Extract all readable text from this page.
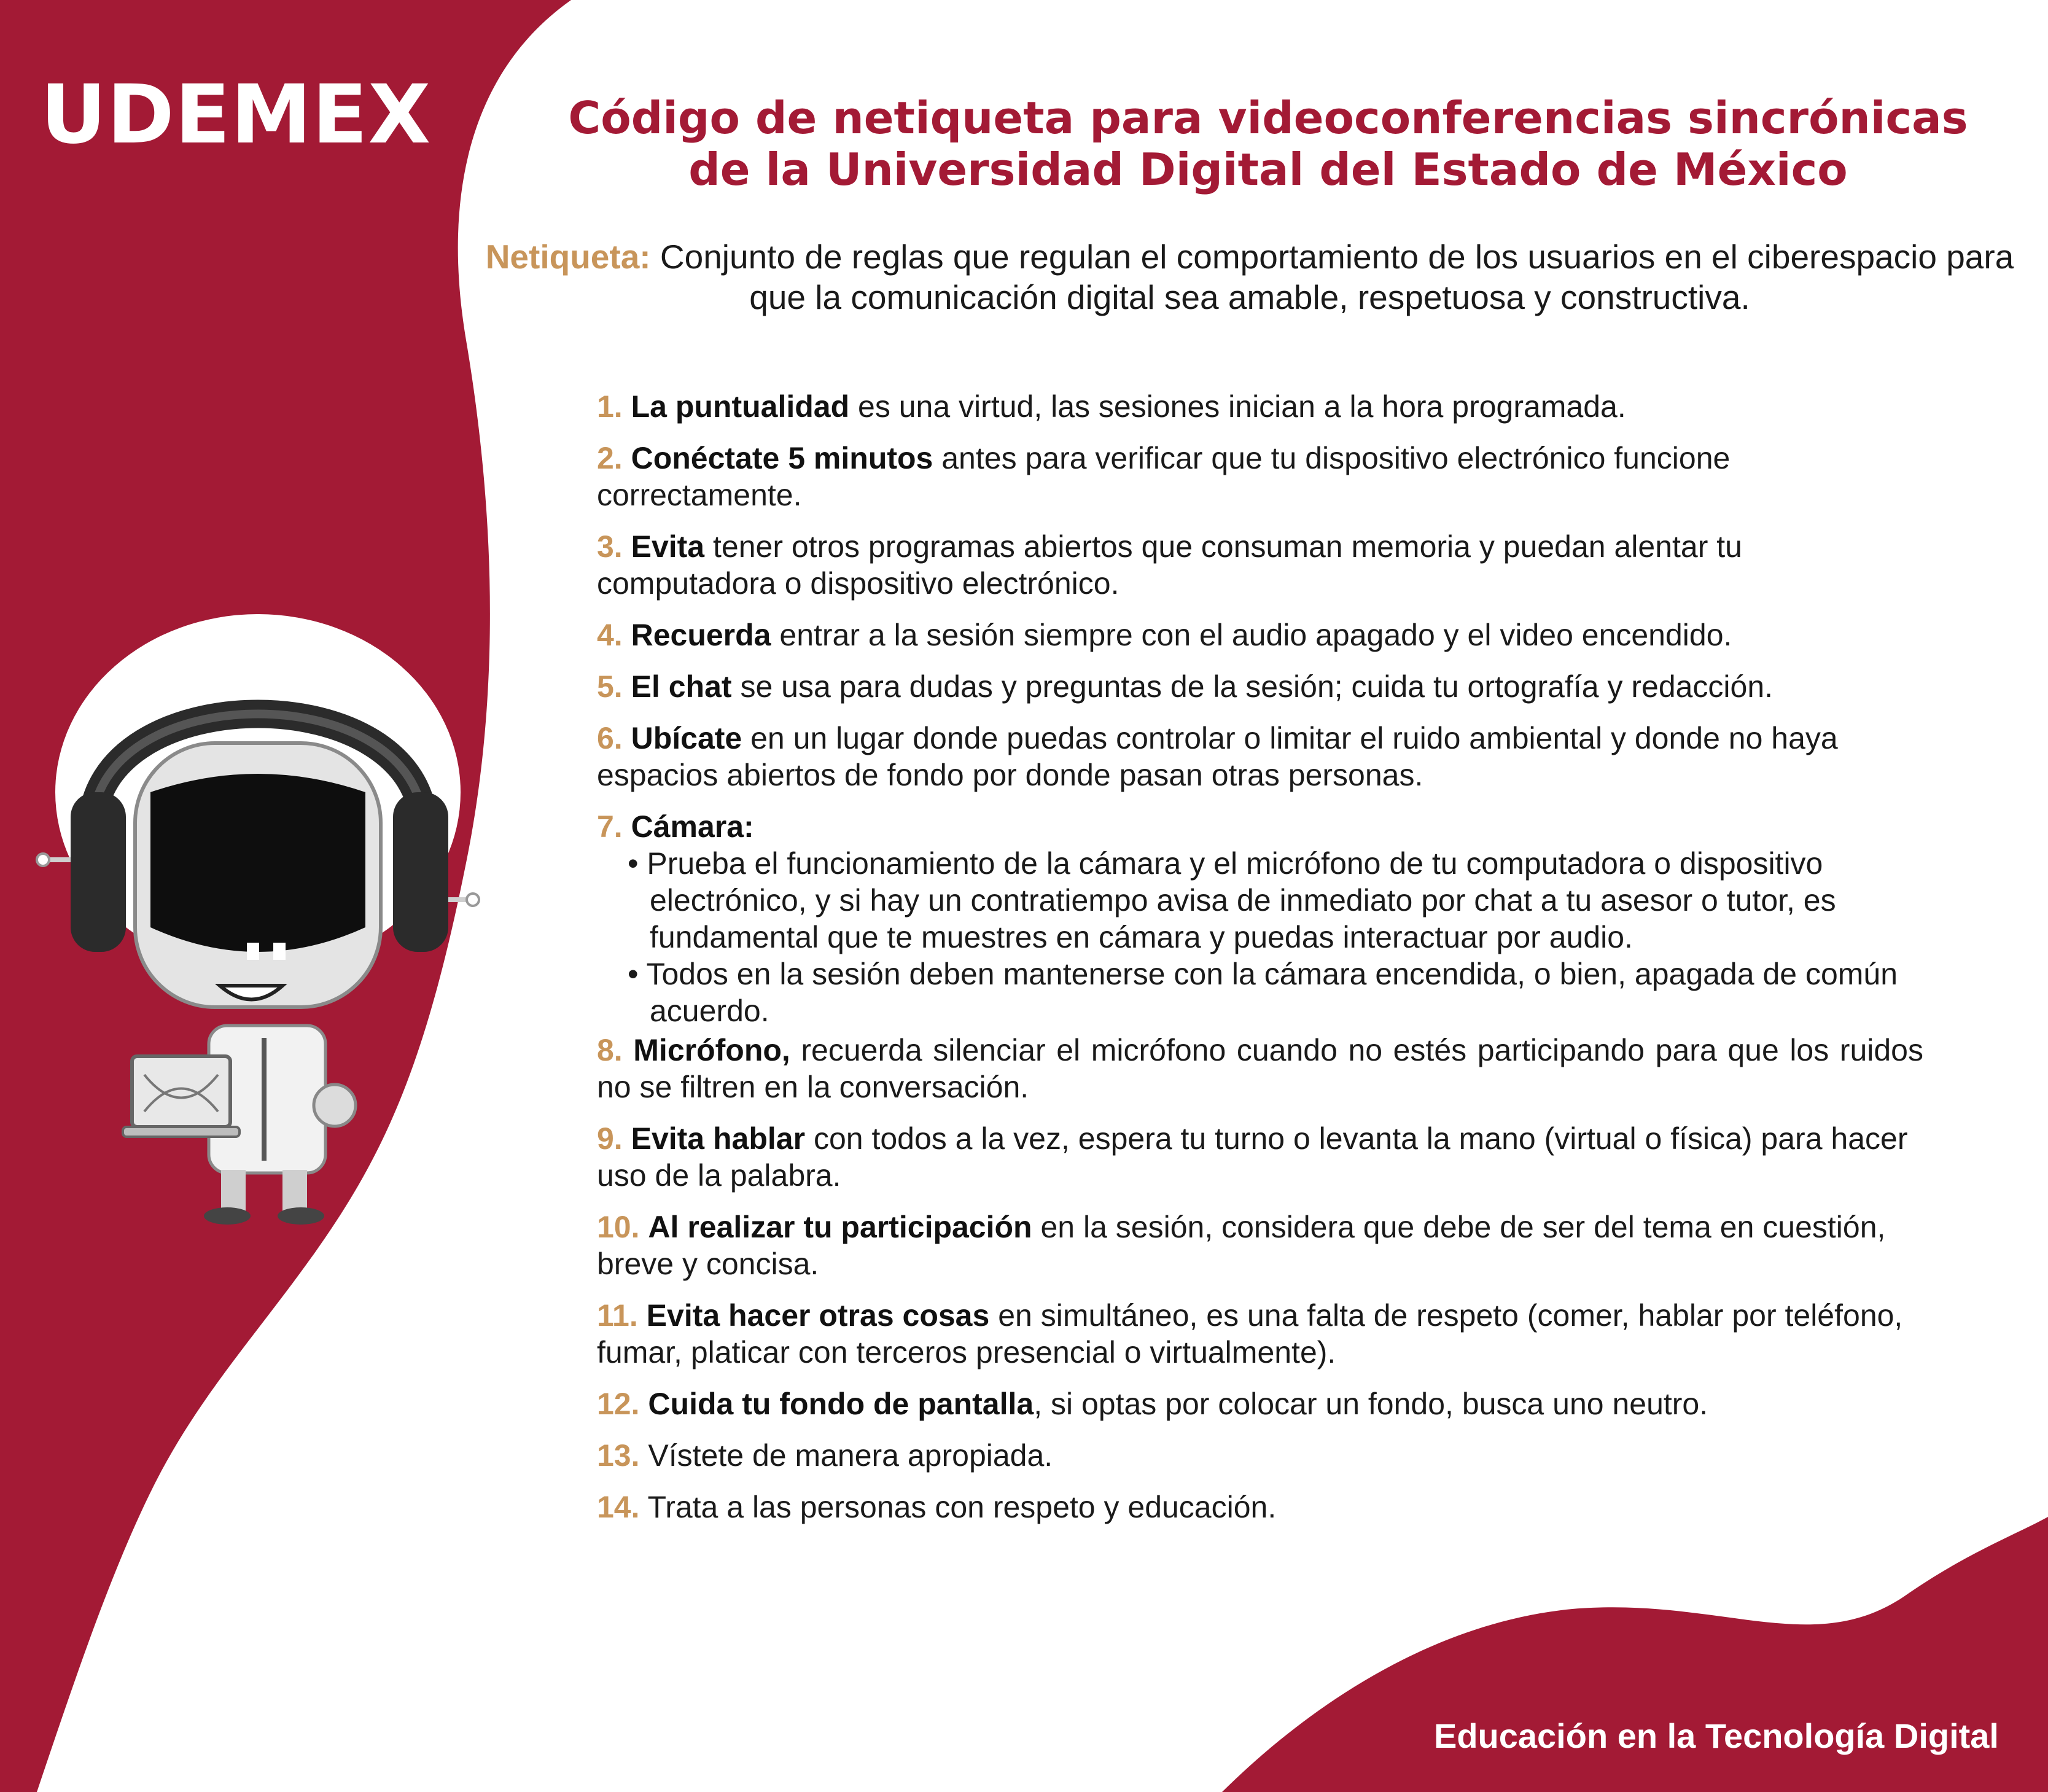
UDEMEX	Código de netiqueta para videoconferencias sincrónicas
de la Universidad Digital del Estado de México
Netiqueta: Conjunto de reglas que regulan el comportamiento de los usuarios en el ciberespacio para que la comunicación digital sea amable, respetuosa y constructiva.
1. La puntualidad es una virtud, las sesiones inician a la hora programada.
2. Conéctate 5 minutos antes para verificar que tu dispositivo electrónico funcione correctamente.
3. Evita tener otros programas abiertos que consuman memoria y puedan alentar tu computadora o dispositivo electrónico.
4. Recuerda entrar a la sesión siempre con el audio apagado y el video encendido.
5. El chat se usa para dudas y preguntas de la sesión; cuida tu ortografía y redacción.
6. Ubícate en un lugar donde puedas controlar o limitar el ruido ambiental y donde no haya espacios abiertos de fondo por donde pasan otras personas.
7. Cámara:
• Prueba el funcionamiento de la cámara y el micrófono de tu computadora o dispositivo electrónico, y si hay un contratiempo avisa de inmediato por chat a tu asesor o tutor, es fundamental que te muestres en cámara y puedas interactuar por audio.
• Todos en la sesión deben mantenerse con la cámara encendida, o bien, apagada de común acuerdo.
8. Micrófono, recuerda silenciar el micrófono cuando no estés participando para que los ruidos no se filtren en la conversación.
9. Evita hablar con todos a la vez, espera tu turno o levanta la mano (virtual o física) para hacer uso de la palabra.
10. Al realizar tu participación en la sesión, considera que debe de ser del tema en cuestión, breve y concisa.
11. Evita hacer otras cosas en simultáneo, es una falta de respeto (comer, hablar por teléfono, fumar, platicar con terceros presencial o virtualmente).
12. Cuida tu fondo de pantalla, si optas por colocar un fondo, busca uno neutro.
13. Vístete de manera apropiada.
14. Trata a las personas con respeto y educación.
Educación en la Tecnología Digital
